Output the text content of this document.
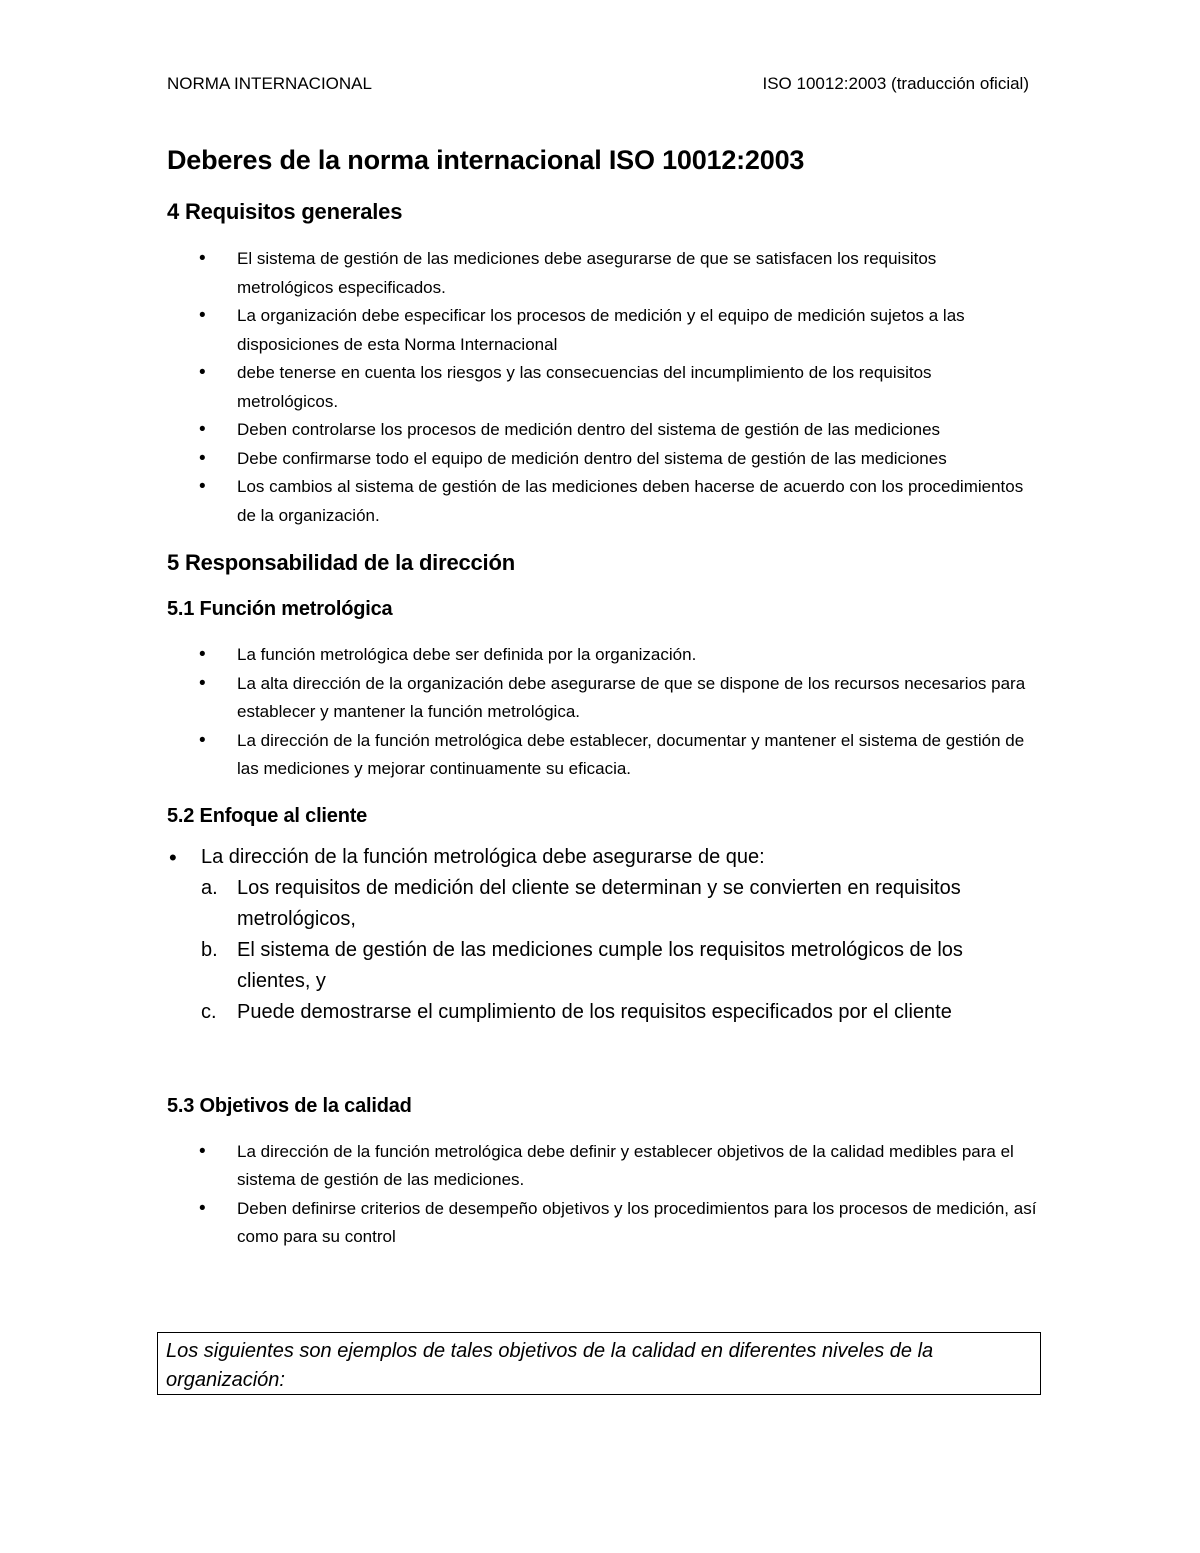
NORMA INTERNACIONAL	ISO 10012:2003 (traducción oficial)
Deberes de la norma internacional ISO 10012:2003
4 Requisitos generales
• El sistema de gestión de las mediciones debe asegurarse de que se satisfacen los requisitos metrológicos especificados.
• La organización debe especificar los procesos de medición y el equipo de medición sujetos a las disposiciones de esta Norma Internacional
• debe tenerse en cuenta los riesgos y las consecuencias del incumplimiento de los requisitos metrológicos.
• Deben controlarse los procesos de medición dentro del sistema de gestión de las mediciones
• Debe confirmarse todo el equipo de medición dentro del sistema de gestión de las mediciones
• Los cambios al sistema de gestión de las mediciones deben hacerse de acuerdo con los procedimientos de la organización.
5 Responsabilidad de la dirección
5.1 Función metrológica
• La función metrológica debe ser definida por la organización.
• La alta dirección de la organización debe asegurarse de que se dispone de los recursos necesarios para establecer y mantener la función metrológica.
• La dirección de la función metrológica debe establecer, documentar y mantener el sistema de gestión de las mediciones y mejorar continuamente su eficacia.
5.2 Enfoque al cliente
• La dirección de la función metrológica debe asegurarse de que:
a. Los requisitos de medición del cliente se determinan y se convierten en requisitos metrológicos,
b. El sistema de gestión de las mediciones cumple los requisitos metrológicos de los clientes, y
c. Puede demostrarse el cumplimiento de los requisitos especificados por el cliente
5.3 Objetivos de la calidad
• La dirección de la función metrológica debe definir y establecer objetivos de la calidad medibles para el sistema de gestión de las mediciones.
• Deben definirse criterios de desempeño objetivos y los procedimientos para los procesos de medición, así como para su control
Los siguientes son ejemplos de tales objetivos de la calidad en diferentes niveles de la organización:
